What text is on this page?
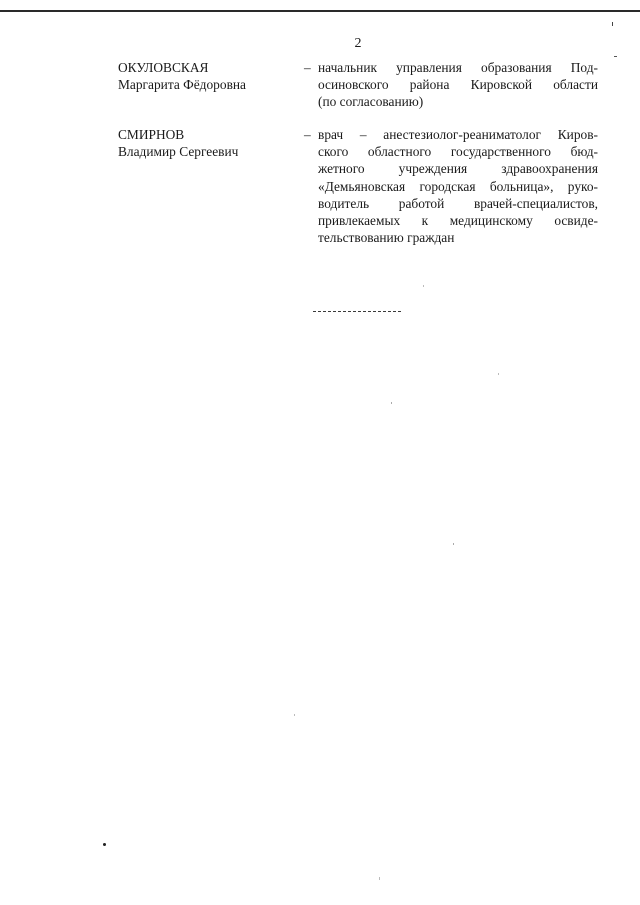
2
ОКУЛОВСКАЯ
Маргарита Фёдоровна
– начальник управления образования Под-
осиновского района Кировской области
(по согласованию)
СМИРНОВ
Владимир Сергеевич
– врач – анестезиолог-реаниматолог Киров-
ского областного государственного бюд-
жетного учреждения здравоохранения
«Демьяновская городская больница», руко-
водитель работой врачей-специалистов,
привлекаемых к медицинскому освиде-
тельствованию граждан
